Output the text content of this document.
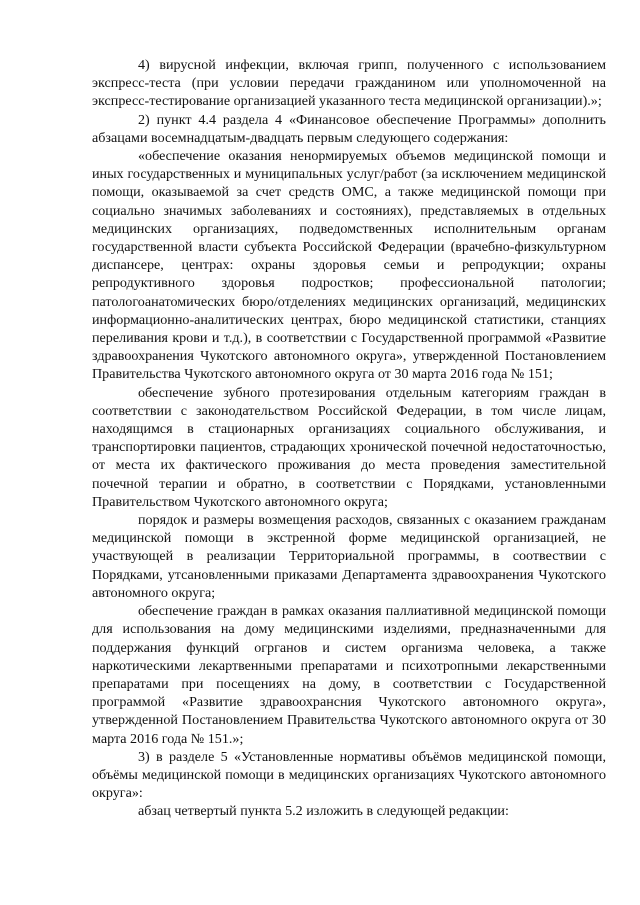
4) вирусной инфекции, включая грипп, полученного с использованием экспресс-теста (при условии передачи гражданином или уполномоченной на экспресс-тестирование организацией указанного теста медицинской организации).»;

2) пункт 4.4 раздела 4 «Финансовое обеспечение Программы» дополнить абзацами восемнадцатым-двадцать первым следующего содержания:

«обеспечение оказания ненормируемых объемов медицинской помощи и иных государственных и муниципальных услуг/работ (за исключением медицинской помощи, оказываемой за счет средств ОМС, а также медицинской помощи при социально значимых заболеваниях и состояниях), представляемых в отдельных медицинских организациях, подведомственных исполнительным органам государственной власти субъекта Российской Федерации (врачебно-физкультурном диспансере, центрах: охраны здоровья семьи и репродукции; охраны репродуктивного здоровья подростков; профессиональной патологии; патологоанатомических бюро/отделениях медицинских организаций, медицинских информационно-аналитических центрах, бюро медицинской статистики, станциях переливания крови и т.д.), в соответствии с Государственной программой «Развитие здравоохранения Чукотского автономного округа», утвержденной Постановлением Правительства Чукотского автономного округа от 30 марта 2016 года № 151;

обеспечение зубного протезирования отдельным категориям граждан в соответствии с законодательством Российской Федерации, в том числе лицам, находящимся в стационарных организациях социального обслуживания, и транспортировки пациентов, страдающих хронической почечной недостаточностью, от места их фактического проживания до места проведения заместительной почечной терапии и обратно, в соответствии с Порядками, установленными Правительством Чукотского автономного округа;

порядок и размеры возмещения расходов, связанных с оказанием гражданам медицинской помощи в экстренной форме медицинской организацией, не участвующей в реализации Территориальной программы, в соотвествии с Порядками, утсановленными приказами Департамента здравоохранения Чукотского автономного округа;

обеспечение граждан в рамках оказания паллиативной медицинской помощи для использования на дому медицинскими изделиями, предназначенными для поддержания функций огрганов и систем организма человека, а также наркотическими лекартвенными препаратами и психотропными лекарственными препаратами при посещениях на дому, в соответствии с Государственной программой «Развитие здравоохрансния Чукотского автономного округа», утвержденной Постановлением Правительства Чукотского автономного округа от 30 марта 2016 года № 151.»;

3) в разделе 5 «Установленные нормативы объёмов медицинской помощи, объёмы медицинской помощи в медицинских организациях Чукотского автономного округа»:

абзац четвертый пункта 5.2 изложить в следующей редакции:
